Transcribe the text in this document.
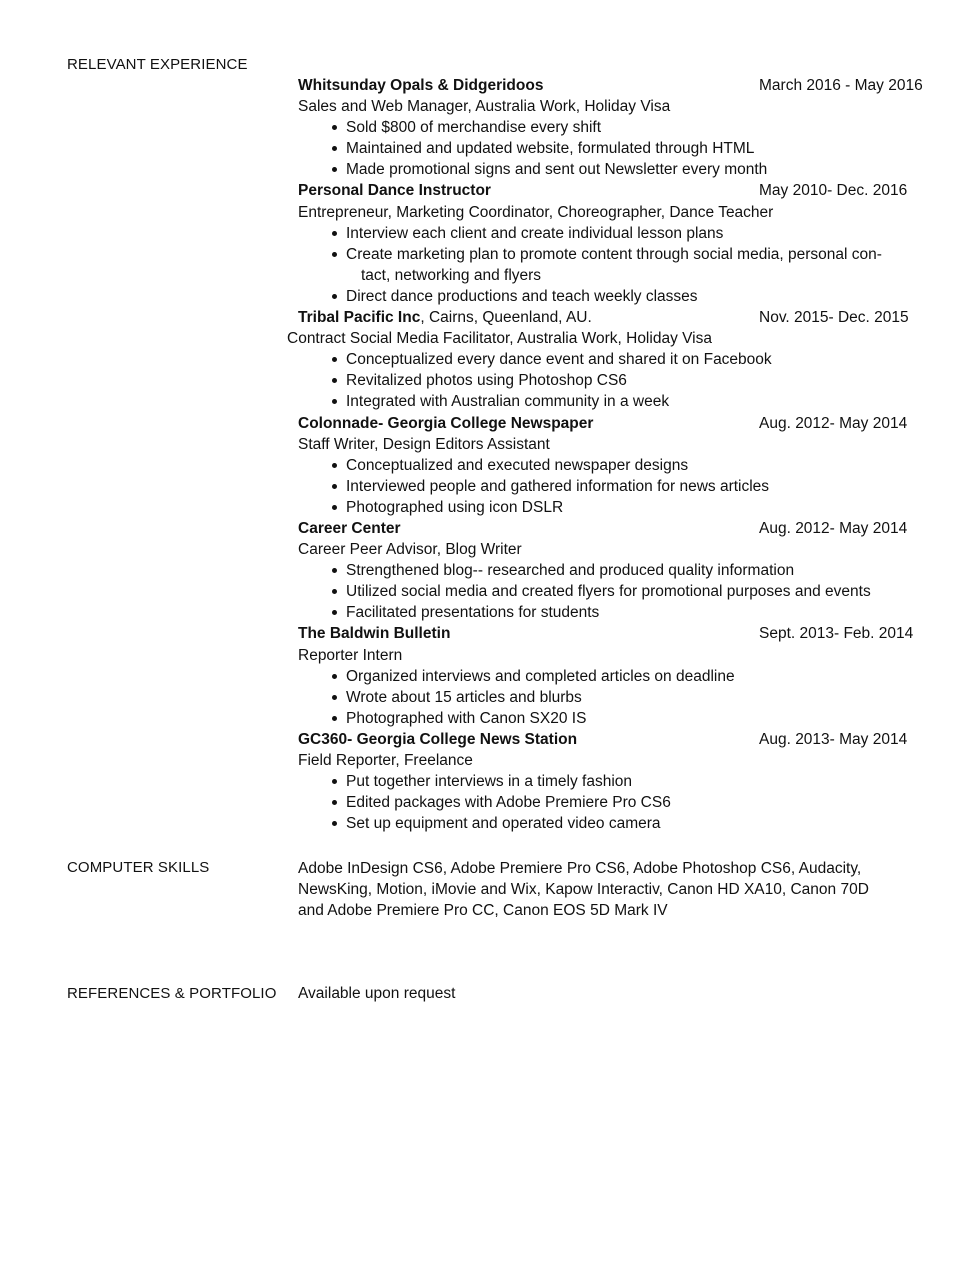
RELEVANT EXPERIENCE
Whitsunday Opals & Didgeridoos	March 2016 - May 2016
Sales and Web Manager, Australia Work, Holiday Visa
Sold $800 of merchandise every shift
Maintained and updated website, formulated through HTML
Made promotional signs and sent out Newsletter every month
Personal Dance Instructor	May 2010- Dec. 2016
Entrepreneur, Marketing Coordinator, Choreographer, Dance Teacher
Interview each client and create individual lesson plans
Create marketing plan to promote content through social media, personal con-
tact, networking and flyers
Direct dance productions and teach weekly classes
Tribal Pacific Inc, Cairns, Queenland, AU.	Nov. 2015- Dec. 2015
Contract Social Media Facilitator, Australia Work, Holiday Visa
Conceptualized every dance event and shared it on Facebook
Revitalized photos using Photoshop CS6
Integrated with Australian community in a week
Colonnade- Georgia College Newspaper	Aug. 2012- May 2014
Staff Writer, Design Editors Assistant
Conceptualized and executed newspaper designs
Interviewed people and gathered information for news articles
Photographed using icon DSLR
Career Center	Aug. 2012- May 2014
Career Peer Advisor, Blog Writer
Strengthened blog-- researched and produced quality information
Utilized social media and created flyers for promotional purposes and events
Facilitated presentations for students
The Baldwin Bulletin	Sept. 2013- Feb. 2014
Reporter Intern
Organized interviews and completed articles on deadline
Wrote about 15 articles and blurbs
Photographed with Canon SX20 IS
GC360- Georgia College News Station	Aug. 2013- May 2014
Field Reporter, Freelance
Put together interviews in a timely fashion
Edited packages with Adobe Premiere Pro CS6
Set up equipment and operated video camera
COMPUTER SKILLS	Adobe InDesign CS6, Adobe Premiere Pro CS6, Adobe Photoshop CS6, Audacity,
NewsKing, Motion, iMovie and Wix, Kapow Interactiv, Canon HD XA10, Canon 70D
and Adobe Premiere Pro CC, Canon EOS 5D Mark IV
REFERENCES & PORTFOLIO Available upon request
